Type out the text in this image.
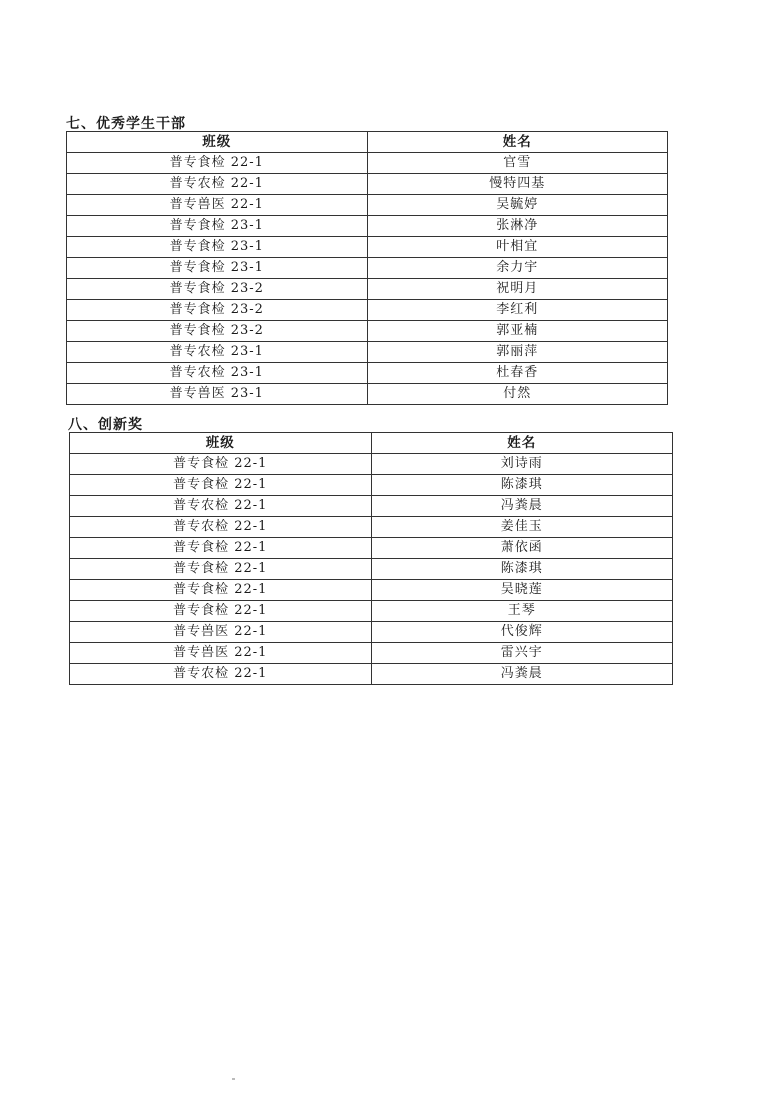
七、优秀学生干部
班级	姓名
普专食检 22-1	官雪
普专农检 22-1	慢特四基
普专兽医 22-1	吴毓婷
普专食检 23-1	张淋净
普专食检 23-1	叶相宜
普专食检 23-1	余力宇
普专食检 23-2	祝明月
普专食检 23-2	李红利
普专食检 23-2	郭亚楠
普专农检 23-1	郭丽萍
普专农检 23-1	杜春香
普专兽医 23-1	付然
八、创新奖
班级	姓名
普专食检 22-1	刘诗雨
普专食检 22-1	陈漆琪
普专农检 22-1	冯粪晨
普专农检 22-1	姜佳玉
普专食检 22-1	萧依函
普专食检 22-1	陈漆琪
普专食检 22-1	吴晓莲
普专食检 22-1	王琴
普专兽医 22-1	代俊辉
普专兽医 22-1	雷兴宇
普专农检 22-1	冯粪晨
